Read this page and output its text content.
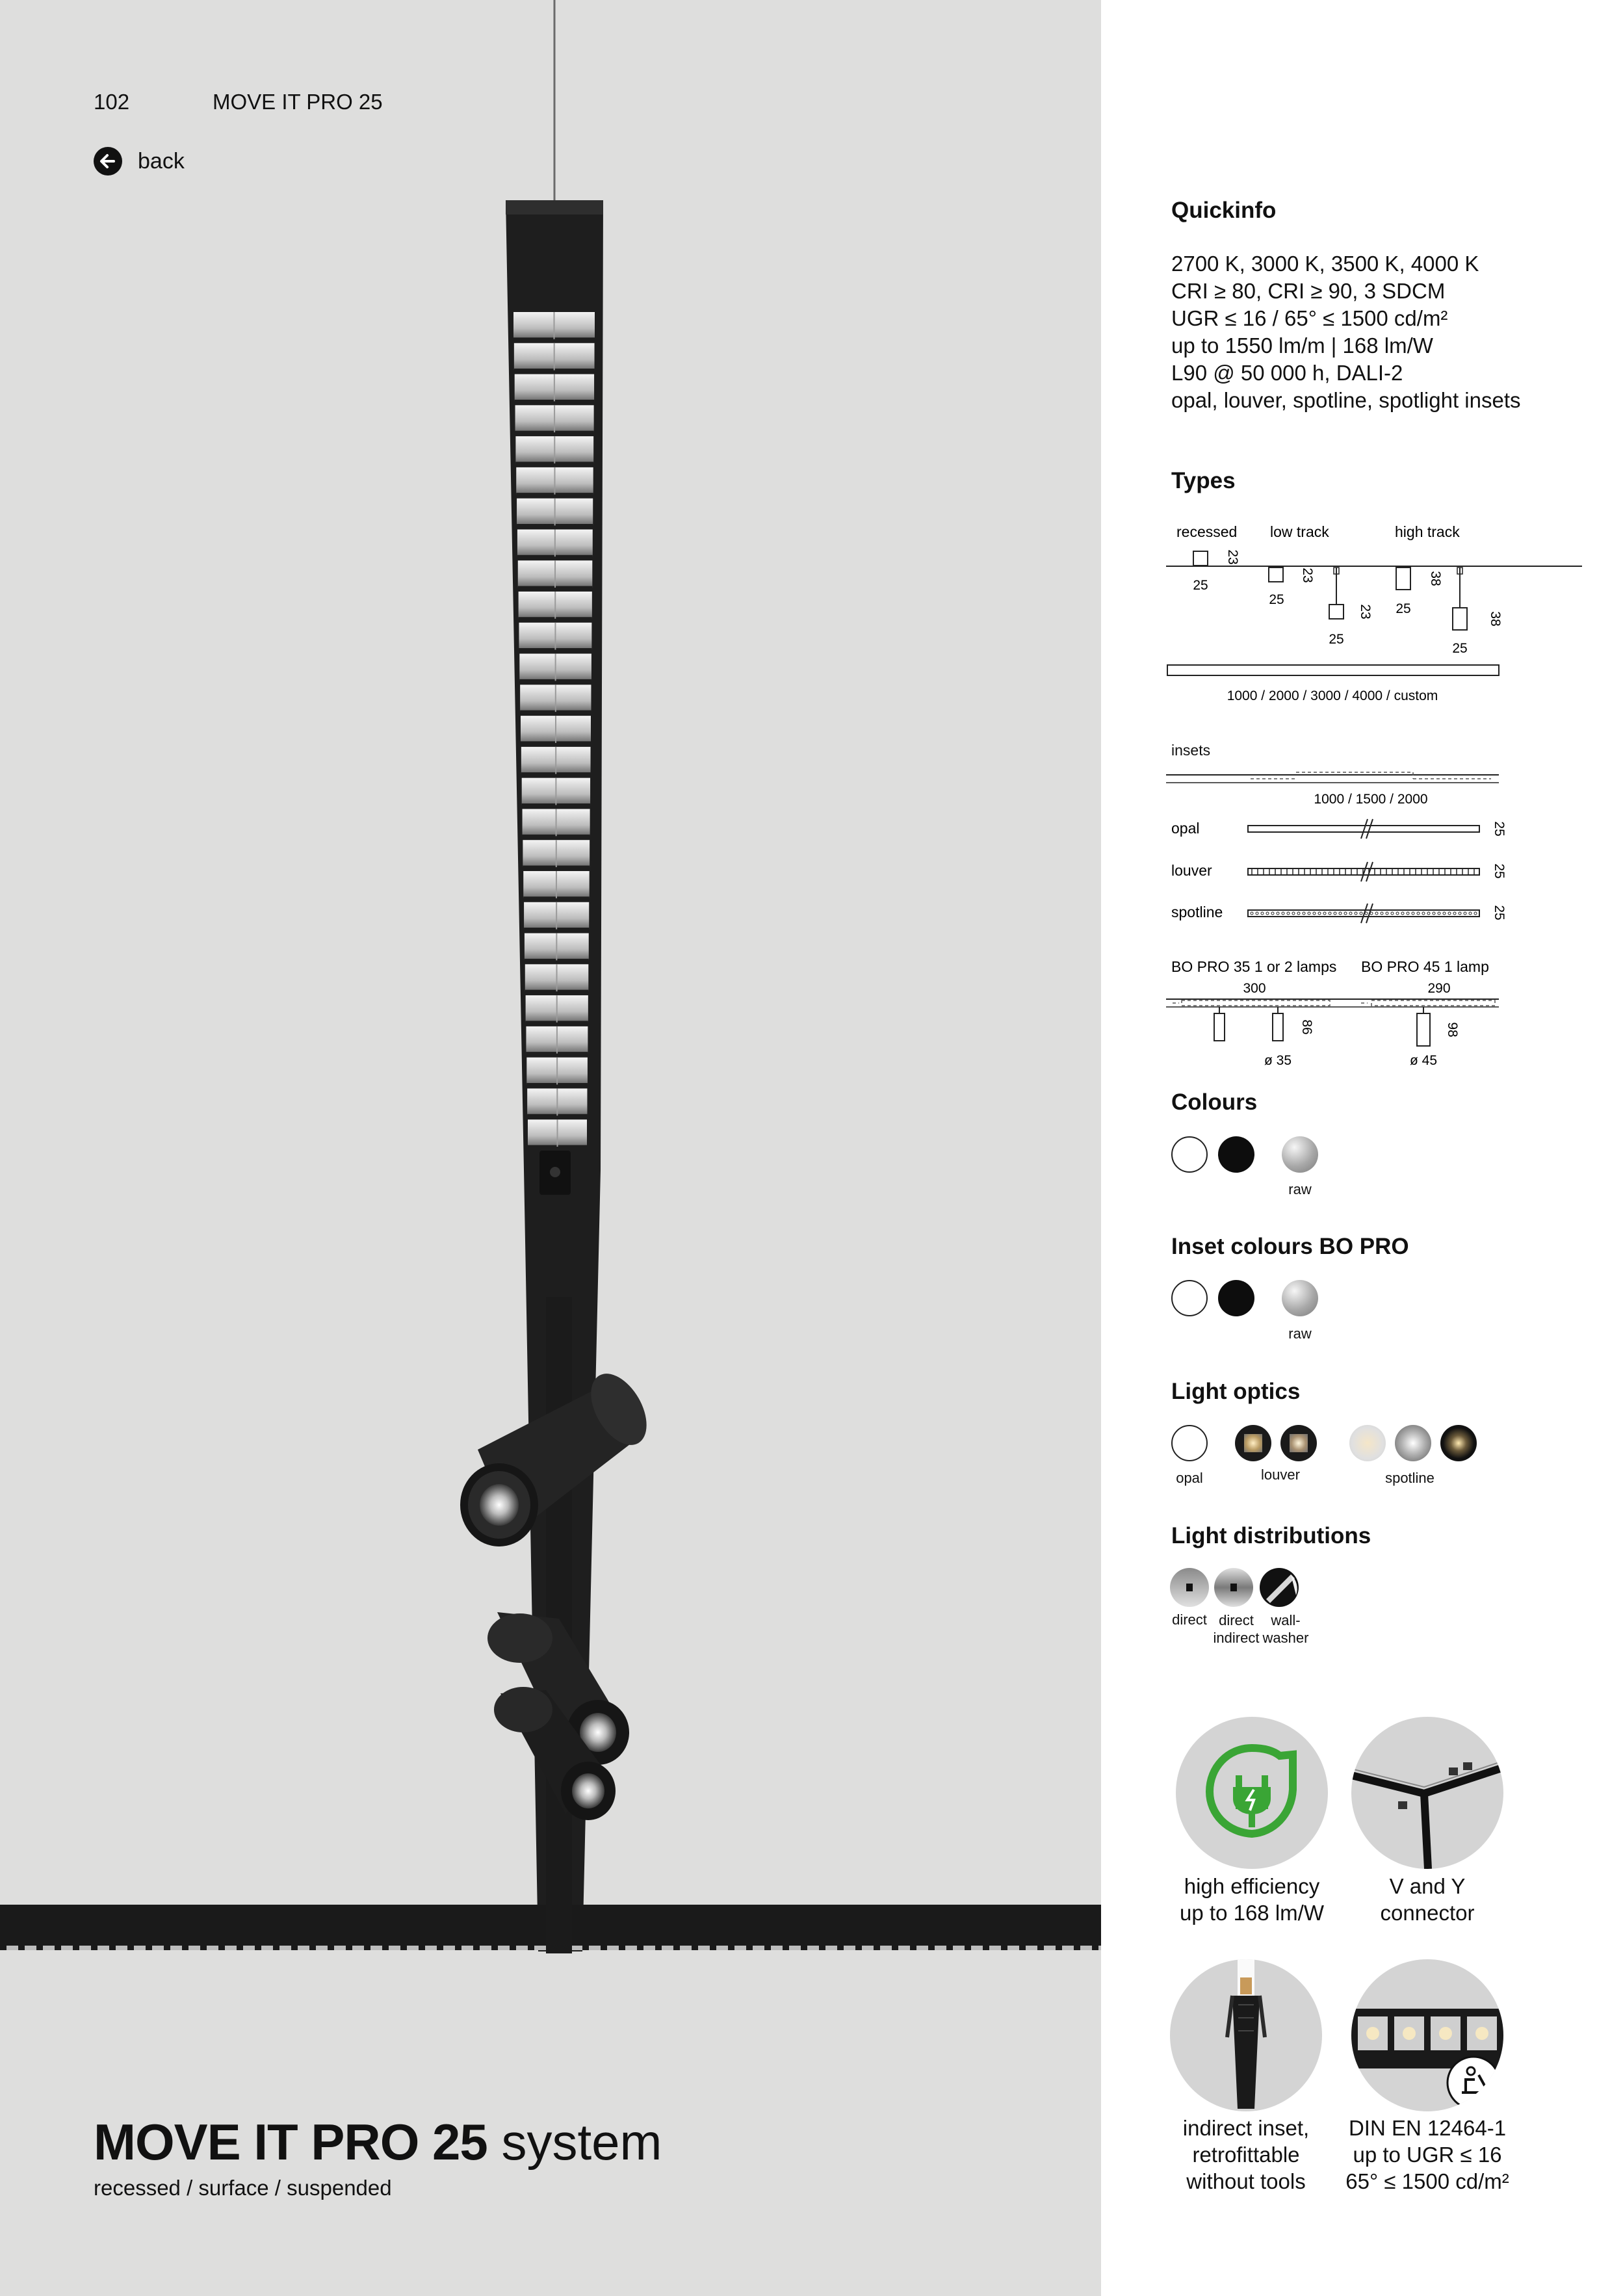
102	MOVE IT PRO 25
back
MOVE IT PRO 25 system
recessed / surface / suspended
Quickinfo
2700 K, 3000 K, 3500 K, 4000 K
CRI ≥ 80, CRI ≥ 90, 3 SDCM
UGR ≤ 16 / 65° ≤ 1500 cd/m²
up to 1550 lm/m | 168 lm/W
L90 @ 50 000 h, DALI-2
opal, louver, spotline, spotlight insets
Types
recessed low track	high track
23
25
23
25
23
25
38
25
38
25
1000 / 2000 / 3000 / 4000 / custom
insets
1000 / 1500 / 2000
opal	25
louver	25
spotline	25
BO PRO 35 1 or 2 lamps BO PRO 45 1 lamp
300	290
86	98
ø 35	ø 45
Colours
raw
Inset colours BO PRO
raw
Light optics
opal	louver	spotline
Light distributions
direct direct
indirect
wall-
washer
high efficiency
up to 168 lm/W
V and Y
connector
indirect inset,
retrofittable
without tools
DIN EN 12464-1
up to UGR ≤ 16
65° ≤ 1500 cd/m²
